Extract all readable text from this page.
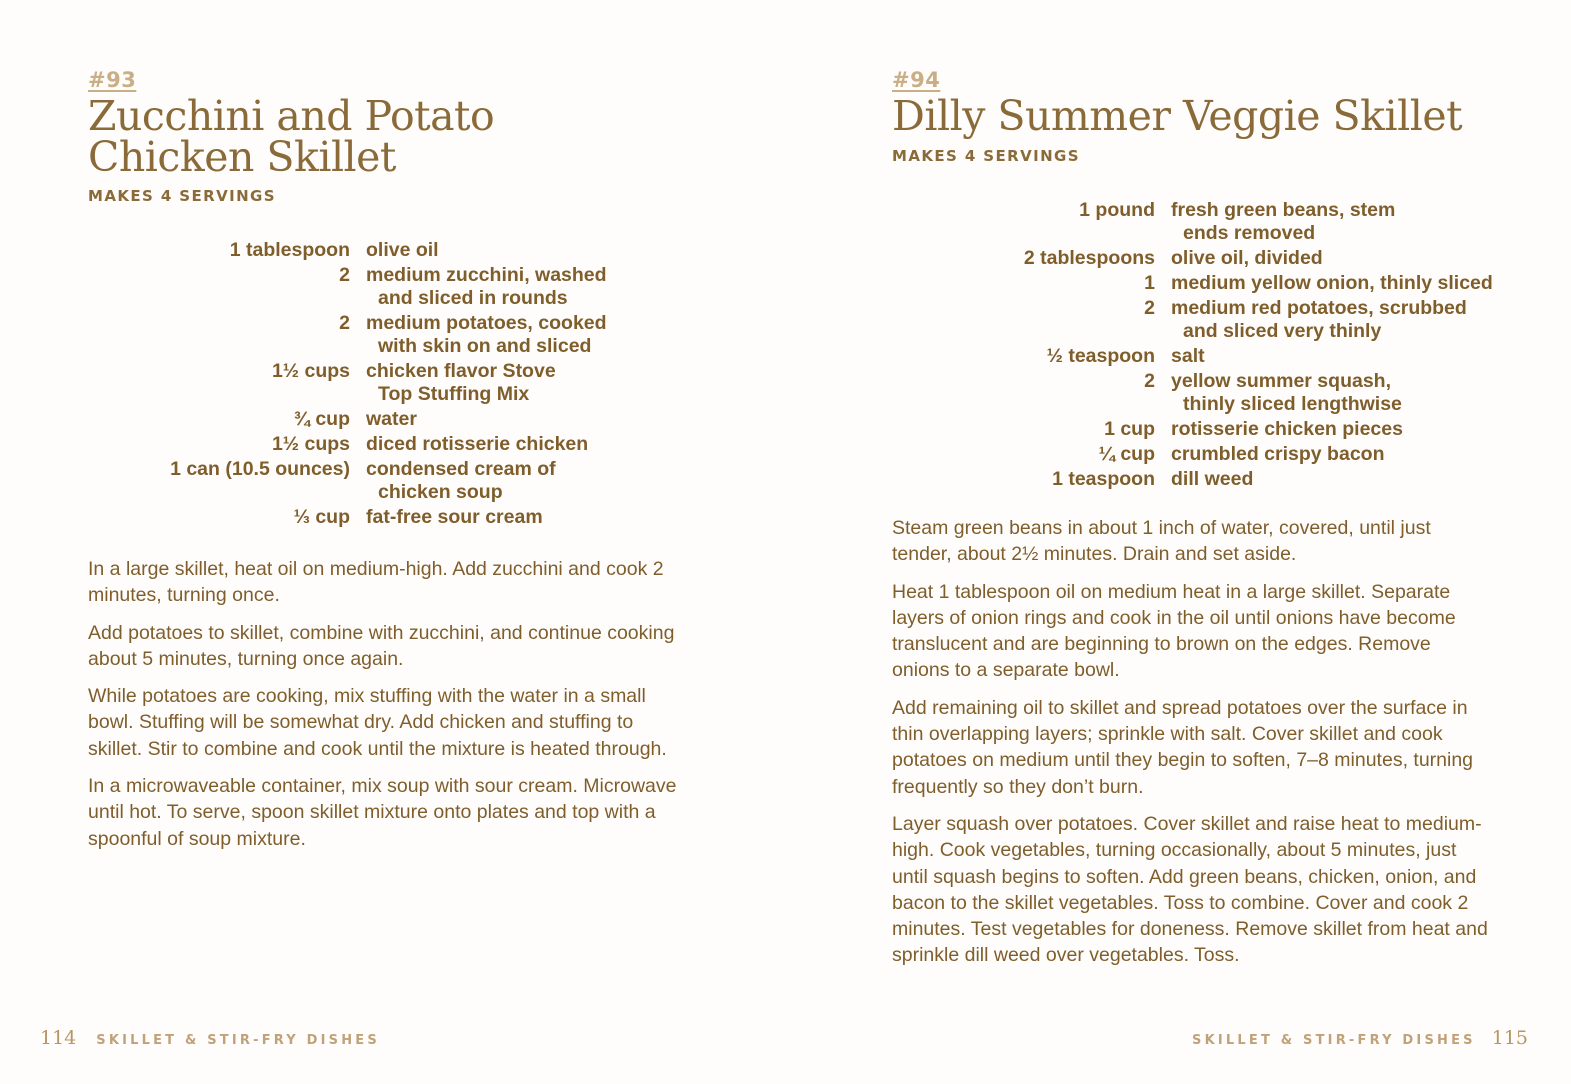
#93
Zucchini and Potato
Chicken Skillet
MAKES 4 SERVINGS
1 tablespoon olive oil
2 medium zucchini, washed
and sliced in rounds
2 medium potatoes, cooked
with skin on and sliced
1½ cups chicken flavor Stove
Top Stuffing Mix
¾ cup water
1½ cups diced rotisserie chicken
1 can (10.5 ounces) condensed cream of
chicken soup
⅓ cup fat-free sour cream

In a large skillet, heat oil on medium-high. Add zucchini and cook 2 minutes, turning once.

Add potatoes to skillet, combine with zucchini, and continue cooking about 5 minutes, turning once again.

While potatoes are cooking, mix stuffing with the water in a small bowl. Stuffing will be somewhat dry. Add chicken and stuffing to skillet. Stir to combine and cook until the mixture is heated through.

In a microwaveable container, mix soup with sour cream. Microwave until hot. To serve, spoon skillet mixture onto plates and top with a spoonful of soup mixture.

#94
Dilly Summer Veggie Skillet
MAKES 4 SERVINGS
1 pound fresh green beans, stem
ends removed
2 tablespoons olive oil, divided
1 medium yellow onion, thinly sliced
2 medium red potatoes, scrubbed
and sliced very thinly
½ teaspoon salt
2 yellow summer squash,
thinly sliced lengthwise
1 cup rotisserie chicken pieces
¼ cup crumbled crispy bacon
1 teaspoon dill weed

Steam green beans in about 1 inch of water, covered, until just tender, about 2½ minutes. Drain and set aside.

Heat 1 tablespoon oil on medium heat in a large skillet. Separate layers of onion rings and cook in the oil until onions have become translucent and are beginning to brown on the edges. Remove onions to a separate bowl.

Add remaining oil to skillet and spread potatoes over the surface in thin overlapping layers; sprinkle with salt. Cover skillet and cook potatoes on medium until they begin to soften, 7–8 minutes, turning frequently so they don’t burn.

Layer squash over potatoes. Cover skillet and raise heat to medium-high. Cook vegetables, turning occasionally, about 5 minutes, just until squash begins to soften. Add green beans, chicken, onion, and bacon to the skillet vegetables. Toss to combine. Cover and cook 2 minutes. Test vegetables for doneness. Remove skillet from heat and sprinkle dill weed over vegetables. Toss.

114 SKILLET & STIR-FRY DISHES	SKILLET & STIR-FRY DISHES 115
